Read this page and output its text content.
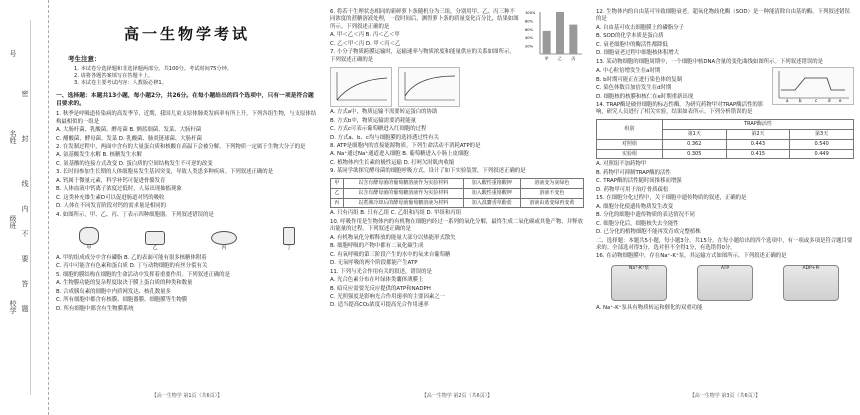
号
名姓
级班
校学
密
封
线
内
不
要
答
题
高一生物学考试
考生注意：
1. 本试卷分选择题和非选择题两部分。共100分。考试时间75分钟。
2. 请将各题答案填写在答题卡上。
3. 本试卷主要考试内容：人教版必修1。
一、选择题：本题共13小题，每小题2分，共26分。在每小题给出的四个选项中，只有一项是符合题目要求的。
1. 秋季是呼吸道传染病的高发季节，近期，我国儿童支原体肺炎发病率有所上升。下列各组生物，与支原体结构最相似的一组是
A. 大肠杆菌、乳酸菌、酵母菌 B. 颤蓝细菌、发菜、大肠杆菌
C. 醋酸菌、酵母菌、发菜 D. 乳酸菌、肺炎链球菌、大肠杆菌
2. 在发制过程中，两面中含有的大量蛋白质和核酸在高温下会被分解。下列物质一定属于生物大分子的是
A. 氨基酸发生水解 B. 核糖发生水解
C. 氨基酸的连接方式改变 D. 蛋白质的空间结构发生不可逆的改变
3. 长时间参加生长期的人体细胞易发生基因突变，导致人类患多种疾病。下列叙述正确的是
A. 钙属于微量元素，科学补钙可促进骨骼发育
B. 人体血液中钙离子浓度过低时，人易出现抽搐现象
C. 这类补充维生素D可以促进肠道对钙的吸收
D. 人体在不同发育阶段对钙的需求量是相同的
4. 如图所示，甲、乙、丙、丁表示四种细胞器。下列叙述错误的是
甲	乙	丙	丁
A. 甲的组成成分中含有磷脂 B. 乙的表面可能有很多核糖体附着
C. 丙中可能含有色素和蛋白质 D. 丁与动物细胞的有丝分裂有关
5. 细胞的膜结构在细胞的生命活动中发挥着重要作用。下列叙述正确的是
A. 生物膜功能的复杂程度取决于膜上蛋白质的种类和数量
B. 合成胰岛素的细胞中内质网发达、核孔数量多
C. 所有细胞中都含有核膜、细胞器膜、细胞膜等生物膜
D. 所有细胞中都含有生物膜系统
【高一生物学 第1页（共6页）】
6. 将若干生理状态相同的新鲜萝卜条随机分为三组，分别用甲、乙、丙三种不同浓度的蔗糖溶液处理，一段时间后，测得萝卜条的质量变化百分比，结果如图所示。下列叙述正确的是
A. 甲＜乙＜丙 B. 丙＜乙＜甲
C. 乙＜甲＜丙 D. 甲＜丙＜乙
7. 小分子物质跨膜运输时，运输速率与物质浓度和能量供应的关系如图所示。下列叙述正确的是
100%
80%
60%
40%
20%
甲 乙 丙
A. 方式a中，物质运输不需要转运蛋白的协助
B. 方式b中，物质运输需要消耗能量
C. 方式c可表示葡萄糖进入红细胞的过程
D. 方式a、b、c均与细胞膜的选择透过性有关
8. ATP是细胞内的直接能源物质。下列生命活动不消耗ATP的是
A. Na⁺通过Na⁺通道进入细胞 B. 葡萄糖进入小肠上皮细胞
C. 植物体内生长素的极性运输 D. 打呵欠时肌肉收缩
9. 某同学欲探究酵母菌的细胞呼吸方式，设计了如下实验装置，下列叙述正确的是
甲	以含有酵母菌的葡萄糖溶液作为实验材料	加入酸性重铬酸钾	溶液变为灰绿色
乙	以含有酵母菌的葡萄糖溶液作为实验材料	加入酸性重铬酸钾	溶液不变色
丙	以煮沸冷却后的酵母菌葡萄糖溶液为材料	加入溴麝香草酚蓝	溶液由蓝变绿再变黄
A. 只有丙组 B. 只有乙组 C. 乙组和丙组 D. 甲组和丙组
10. 呼吸作用是生物体内的有机物在细胞内经过一系列的氧化分解，最终生成二氧化碳或其他产物，并释放出能量的过程。下列叙述正确的是
A. 有机物氧化分解释放的能量大部分以热能形式散失
B. 细胞呼吸的产物中都有二氧化碳生成
C. 有氧呼吸的第三阶段产生的水中的氧来自葡萄糖
D. 无氧呼吸的两个阶段都能产生ATP
11. 下列与光合作用有关的叙述，错误的是
A. 光合色素分布在叶绿体类囊体薄膜上
B. 暗反应需要光反应提供的ATP和NADPH
C. 光照强度是影响光合作用速率的主要因素之一
D. 适当提高CO₂浓度可提高光合作用速率
【高一生物学 第2页（共6页）】
12. 生物体内的自由基可导致细胞衰老。超氧化物歧化酶（SOD）是一种能清除自由基的酶。下列叙述错误的是
A. 自由基可攻击细胞膜上的磷脂分子
B. SOD的化学本质是蛋白质
C. 衰老细胞中的酶活性都降低
D. 细胞衰老过程中细胞核体积增大
13. 某动物细胞的细胞周期中，一个细胞中核DNA含量的变化曲线如图所示。下列叙述错误的是
a	b	c	d e
A. 中心粒倍增发生在a时期
B. b时期可能正在进行染色体的复制
C. 染色体数目加倍发生在d时期
D. 细胞核的核膜和核仁在e时期重新出现
14. TRAP酶是破骨细胞的标志性酶。为研究药物甲对TRAP酶活性的影响，研究人员进行了相关实验，结果如表所示。下列分析错误的是
组别	TRAP酶活性		
	第1天	第2天	第3天
对照组	0.362	0.443	0.540
实验组	0.305	0.415	0.449
A. 对照组不加药物甲
B. 药物甲可抑制TRAP酶的活性
C. TRAP酶的活性随时间推移而增强
D. 药物甲可用于治疗骨质疏松
15. 在细胞分化过程中，关于细胞中遗传物质的叙述，正确的是
A. 细胞分化使遗传物质发生改变
B. 分化的细胞中遗传物质的表达情况不同
C. 细胞分化后，细胞核失去全能性
D. 已分化的植物细胞不能再发育成完整植株
二、选择题：本题共5小题，每小题3分，共15分。在每小题给出的四个选项中，有一项或多项是符合题目要求的。全部选对得3分，选对但不全得1分，有选错得0分。
16. 在动物细胞膜中，存在Na⁺-K⁺泵，其运输方式如图所示。下列叙述正确的是
Na⁺-K⁺泵	ATP	ADP+Pi
A. Na⁺-K⁺泵具有物质转运和催化的双重功能
【高一生物学 第3页（共6页）】
